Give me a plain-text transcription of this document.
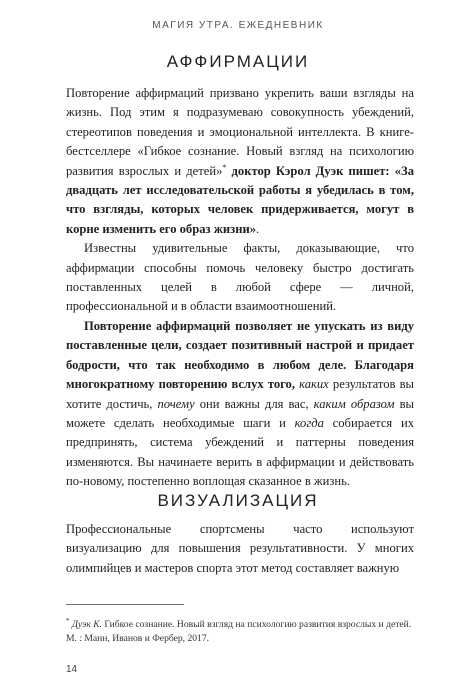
МАГИЯ УТРА. ЕЖЕДНЕВНИК
АФФИРМАЦИИ

Повторение аффирмаций призвано укрепить ваши взгляды на жизнь. Под этим я подразумеваю совокупность убеждений, стереотипов поведения и эмоциональной интеллекта. В книге-бестселлере «Гибкое сознание. Новый взгляд на психологию развития взрослых и детей»* доктор Кэрол Дуэк пишет: «За двадцать лет исследовательской работы я убедилась в том, что взгляды, которых человек придерживается, могут в корне изменить его образ жизни».

Известны удивительные факты, доказывающие, что аффирмации способны помочь человеку быстро достигать поставленных целей в любой сфере — личной, профессиональной и в области взаимоотношений.

Повторение аффирмаций позволяет не упускать из виду поставленные цели, создает позитивный настрой и придает бодрости, что так необходимо в любом деле. Благодаря многократному повторению вслух того, каких результатов вы хотите достичь, почему они важны для вас, каким образом вы можете сделать необходимые шаги и когда собирается их предпринять, система убеждений и паттерны поведения изменяются. Вы начинаете верить в аффирмации и действовать по-новому, постепенно воплощая сказанное в жизнь.

ВИЗУАЛИЗАЦИЯ

Профессиональные спортсмены часто используют визуализацию для повышения результативности. У многих олимпийцев и мастеров спорта этот метод составляет важную

* Дуэк К. Гибкое сознание. Новый взгляд на психологию развития взрослых и детей. М. : Манн, Иванов и Фербер, 2017.
14
